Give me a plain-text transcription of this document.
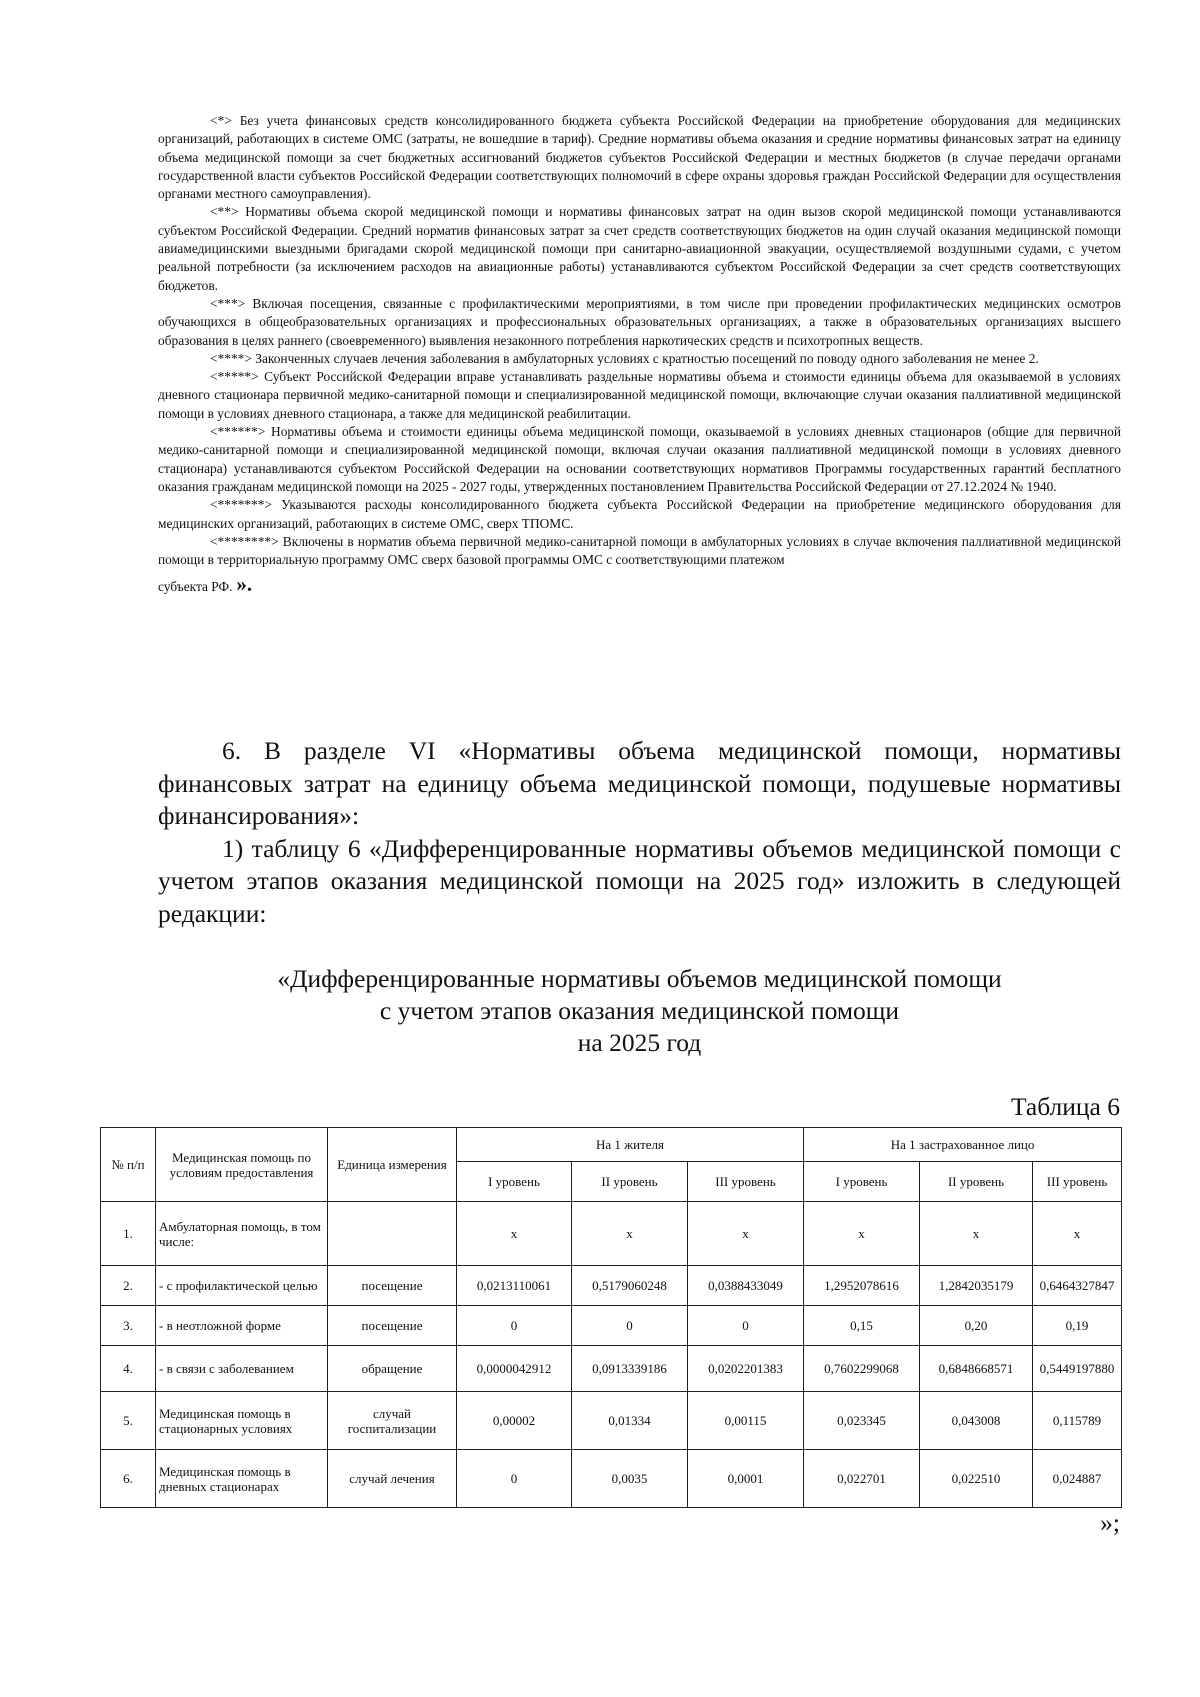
<*> Без учета финансовых средств консолидированного бюджета субъекта Российской Федерации на приобретение оборудования для медицинских организаций, работающих в системе ОМС (затраты, не вошедшие в тариф). Средние нормативы объема оказания и средние нормативы финансовых затрат на единицу объема медицинской помощи за счет бюджетных ассигнований бюджетов субъектов Российской Федерации и местных бюджетов (в случае передачи органами государственной власти субъектов Российской Федерации соответствующих полномочий в сфере охраны здоровья граждан Российской Федерации для осуществления органами местного самоуправления).

<**> Нормативы объема скорой медицинской помощи и нормативы финансовых затрат на один вызов скорой медицинской помощи устанавливаются субъектом Российской Федерации. Средний норматив финансовых затрат за счет средств соответствующих бюджетов на один случай оказания медицинской помощи авиамедицинскими выездными бригадами скорой медицинской помощи при санитарно-авиационной эвакуации, осуществляемой воздушными судами, с учетом реальной потребности (за исключением расходов на авиационные работы) устанавливаются субъектом Российской Федерации за счет средств соответствующих бюджетов.

<***> Включая посещения, связанные с профилактическими мероприятиями, в том числе при проведении профилактических медицинских осмотров обучающихся в общеобразовательных организациях и профессиональных образовательных организациях, а также в образовательных организациях высшего образования в целях раннего (своевременного) выявления незаконного потребления наркотических средств и психотропных веществ.

<****> Законченных случаев лечения заболевания в амбулаторных условиях с кратностью посещений по поводу одного заболевания не менее 2.

<*****> Субъект Российской Федерации вправе устанавливать раздельные нормативы объема и стоимости единицы объема для оказываемой в условиях дневного стационара первичной медико-санитарной помощи и специализированной медицинской помощи, включающие случаи оказания паллиативной медицинской помощи в условиях дневного стационара, а также для медицинской реабилитации.

<******> Нормативы объема и стоимости единицы объема медицинской помощи, оказываемой в условиях дневных стационаров (общие для первичной медико-санитарной помощи и специализированной медицинской помощи, включая случаи оказания паллиативной медицинской помощи в условиях дневного стационара) устанавливаются субъектом Российской Федерации на основании соответствующих нормативов Программы государственных гарантий бесплатного оказания гражданам медицинской помощи на 2025 - 2027 годы, утвержденных постановлением Правительства Российской Федерации от 27.12.2024 № 1940.

<*******> Указываются расходы консолидированного бюджета субъекта Российской Федерации на приобретение медицинского оборудования для медицинских организаций, работающих в системе ОМС, сверх ТПОМС.

<********> Включены в норматив объема первичной медико-санитарной помощи в амбулаторных условиях в случае включения паллиативной медицинской помощи в территориальную программу ОМС сверх базовой программы ОМС с соответствующими платежом

субъекта РФ. ».

6. В разделе VI «Нормативы объема медицинской помощи, нормативы финансовых затрат на единицу объема медицинской помощи, подушевые нормативы финансирования»:

1) таблицу 6 «Дифференцированные нормативы объемов медицинской помощи с учетом этапов оказания медицинской помощи на 2025 год» изложить в следующей редакции:

«Дифференцированные нормативы объемов медицинской помощи
с учетом этапов оказания медицинской помощи
на 2025 год
Таблица 6
№ п/п	Медицинская помощь по условиям предоставления	Единица измерения	На 1 жителя			На 1 застрахованное лицо		
			I уровень	II уровень	III уровень	I уровень	II уровень	III уровень
1.	Амбулаторная помощь, в том числе:		x	x	x	x	x	x
2.	- с профилактической целью	посещение	0,0213110061	0,5179060248	0,0388433049	1,2952078616	1,2842035179	0,6464327847
3.	- в неотложной форме	посещение	0	0	0	0,15	0,20	0,19
4.	- в связи с заболеванием	обращение	0,0000042912	0,0913339186	0,0202201383	0,7602299068	0,6848668571	0,5449197880
5.	Медицинская помощь в стационарных условиях	случай госпитализации	0,00002	0,01334	0,00115	0,023345	0,043008	0,115789
6.	Медицинская помощь в дневных стационарах	случай лечения	0	0,0035	0,0001	0,022701	0,022510	0,024887
»;
